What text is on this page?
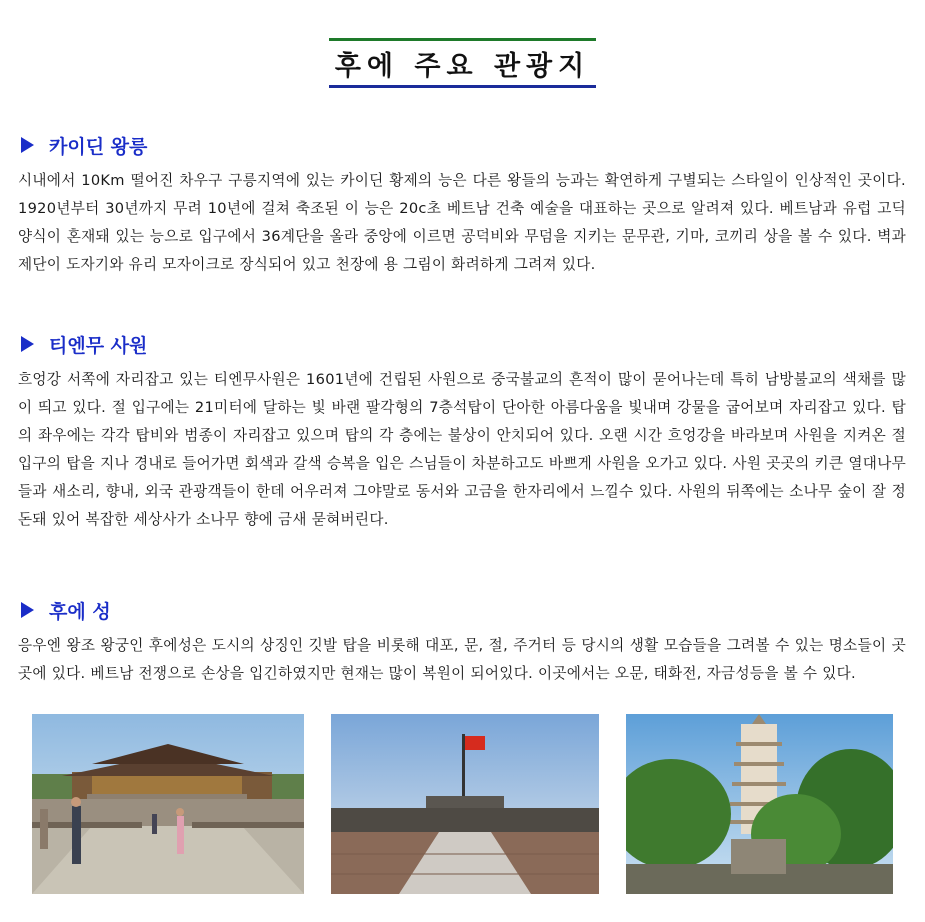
후에 주요 관광지
카이딘 왕릉

시내에서 10Km 떨어진 차우구 구릉지역에 있는 카이딘 황제의 능은 다른 왕들의 능과는 확연하게 구별되는 스타일이 인상적인 곳이다. 1920년부터 30년까지 무려 10년에 걸쳐 축조된 이 능은 20c초 베트남 건축 예술을 대표하는 곳으로 알려져 있다. 베트남과 유럽 고딕양식이 혼재돼 있는 능으로 입구에서 36계단을 올라 중앙에 이르면 공덕비와 무덤을 지키는 문무관, 기마, 코끼리 상을 볼 수 있다. 벽과 제단이 도자기와 유리 모자이크로 장식되어 있고 천장에 용 그림이 화려하게 그려져 있다.

티엔무 사원

흐엉강 서쪽에 자리잡고 있는 티엔무사원은 1601년에 건립된 사원으로 중국불교의 흔적이 많이 묻어나는데 특히 남방불교의 색채를 많이 띄고 있다. 절 입구에는 21미터에 달하는 빛 바랜 팔각형의 7층석탑이 단아한 아름다움을 빛내며 강물을 굽어보며 자리잡고 있다. 탑의 좌우에는 각각 탑비와 범종이 자리잡고 있으며 탑의 각 층에는 불상이 안치되어 있다. 오랜 시간 흐엉강을 바라보며 사원을 지켜온 절 입구의 탑을 지나 경내로 들어가면 회색과 갈색 승복을 입은 스님들이 차분하고도 바쁘게 사원을 오가고 있다. 사원 곳곳의 키큰 열대나무들과 새소리, 향내, 외국 관광객들이 한데 어우러져 그야말로 동서와 고금을 한자리에서 느낄수 있다. 사원의 뒤쪽에는 소나무 숲이 잘 정돈돼 있어 복잡한 세상사가 소나무 향에 금새 묻혀버린다.

후에 성

응우엔 왕조 왕궁인 후에성은 도시의 상징인 깃발 탑을 비롯해 대포, 문, 절, 주거터 등 당시의 생활 모습들을 그려볼 수 있는 명소들이 곳곳에 있다. 베트남 전쟁으로 손상을 입긴하였지만 현재는 많이 복원이 되어있다. 이곳에서는 오문, 태화전, 자금성등을 볼 수 있다.
